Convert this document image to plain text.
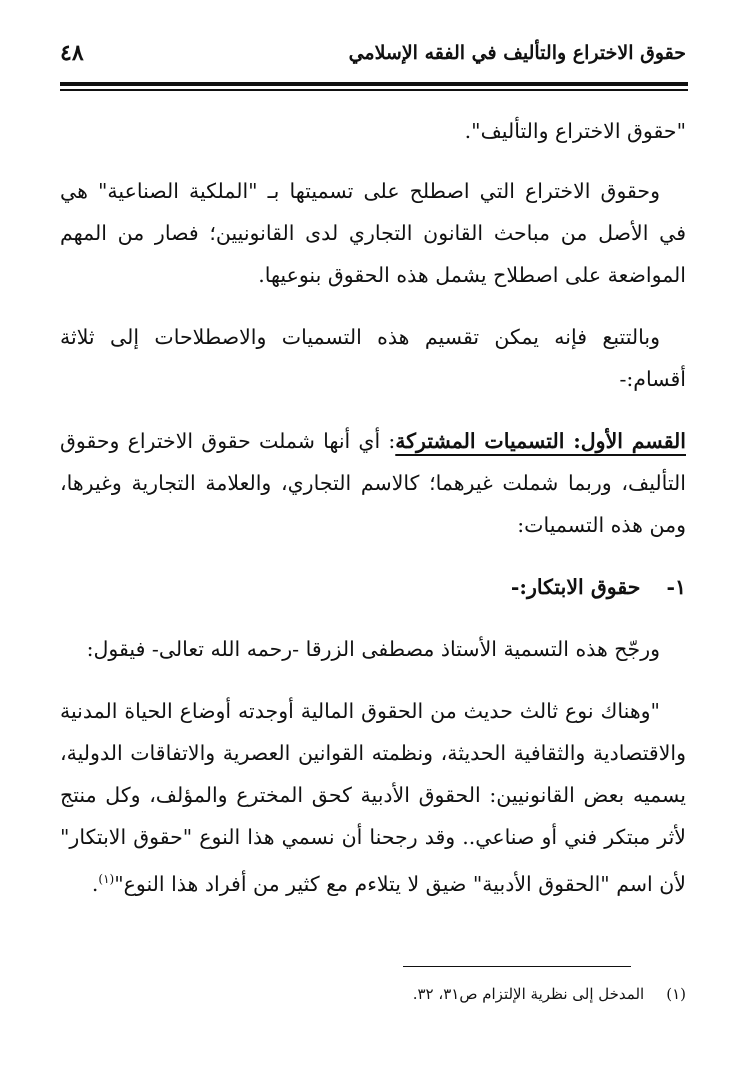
حقوق الاختراع والتأليف في الفقه الإسلامي
٤٨

"حقوق الاختراع والتأليف".

وحقوق الاختراع التي اصطلح على تسميتها بـ "الملكية الصناعية" هي في الأصل من مباحث القانون التجاري لدى القانونيين؛ فصار من المهم المواضعة على اصطلاح يشمل هذه الحقوق بنوعيها.

وبالتتبع فإنه يمكن تقسيم هذه التسميات والاصطلاحات إلى ثلاثة أقسام:-

القسم الأول: التسميات المشتركة: أي أنها شملت حقوق الاختراع وحقوق التأليف، وربما شملت غيرهما؛ كالاسم التجاري، والعلامة التجارية وغيرها، ومن هذه التسميات:

١-    حقوق الابتكار:-

ورجّح هذه التسمية الأستاذ مصطفى الزرقا -رحمه الله تعالى- فيقول:

"وهناك نوع ثالث حديث من الحقوق المالية أوجدته أوضاع الحياة المدنية والاقتصادية والثقافية الحديثة، ونظمته القوانين العصرية والاتفاقات الدولية، يسميه بعض القانونيين: الحقوق الأدبية كحق المخترع والمؤلف، وكل منتج لأثر مبتكر فني أو صناعي.. وقد رجحنا أن نسمي هذا النوع "حقوق الابتكار" لأن اسم "الحقوق الأدبية" ضيق لا يتلاءم مع كثير من أفراد هذا النوع"$^{(١)}$.

(١)المدخل إلى نظرية الإلتزام ص٣١، ٣٢.
